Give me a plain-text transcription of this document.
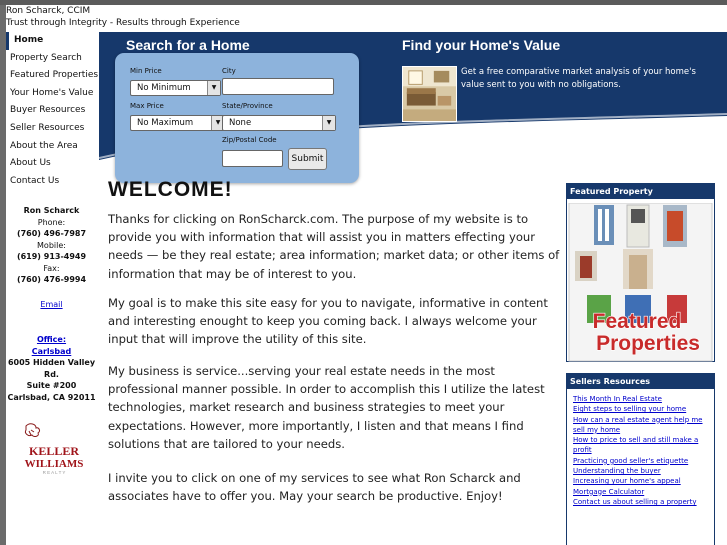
Ron Scharck, CCIM
Trust through Integrity - Results through Experience
Home
Property Search
Featured Properties
Your Home's Value
Buyer Resources
Seller Resources
About the Area
About Us
Contact Us
Ron Scharck
Phone:
(760) 496-7987
Mobile:
(619) 913-4949
Fax:
(760) 476-9994
Email
Office:
Carlsbad
6005 Hidden Valley Rd.
Suite #200
Carlsbad, CA 92011
KELLER
WILLIAMS
R E A L T Y
Search for a Home	Find your Home's Value
Get a free comparative market analysis of your home's value sent to you with no obligations.
Min Price
No Minimum	▼
City
Max Price
No Maximum	▼
State/Province
None	▼
Zip/Postal Code
Submit
WELCOME!
Thanks for clicking on RonScharck.com. The purpose of my website is to provide you with information that will assist you in matters effecting your needs — be they real estate; area information; market data; or other items of information that may be of interest to you.
My goal is to make this site easy for you to navigate, informative in content and interesting enought to keep you coming back. I always welcome your input that will improve the utility of this site.
My business is service...serving your real estate needs in the most professional manner possible. In order to accomplish this I utilize the latest technologies, market research and business strategies to meet your expectations. However, more importantly, I listen and that means I find solutions that are tailored to your needs.
I invite you to click on one of my services to see what Ron Scharck and associates have to offer you. May your search be productive. Enjoy!
Featured Property
Featured
Properties
Sellers Resources
This Month In Real Estate
Eight steps to selling your home
How can a real estate agent help me sell my home
How to price to sell and still make a profit
Practicing good seller's etiquette
Understanding the buyer
Increasing your home's appeal
Mortgage Calculator
Contact us about selling a property
